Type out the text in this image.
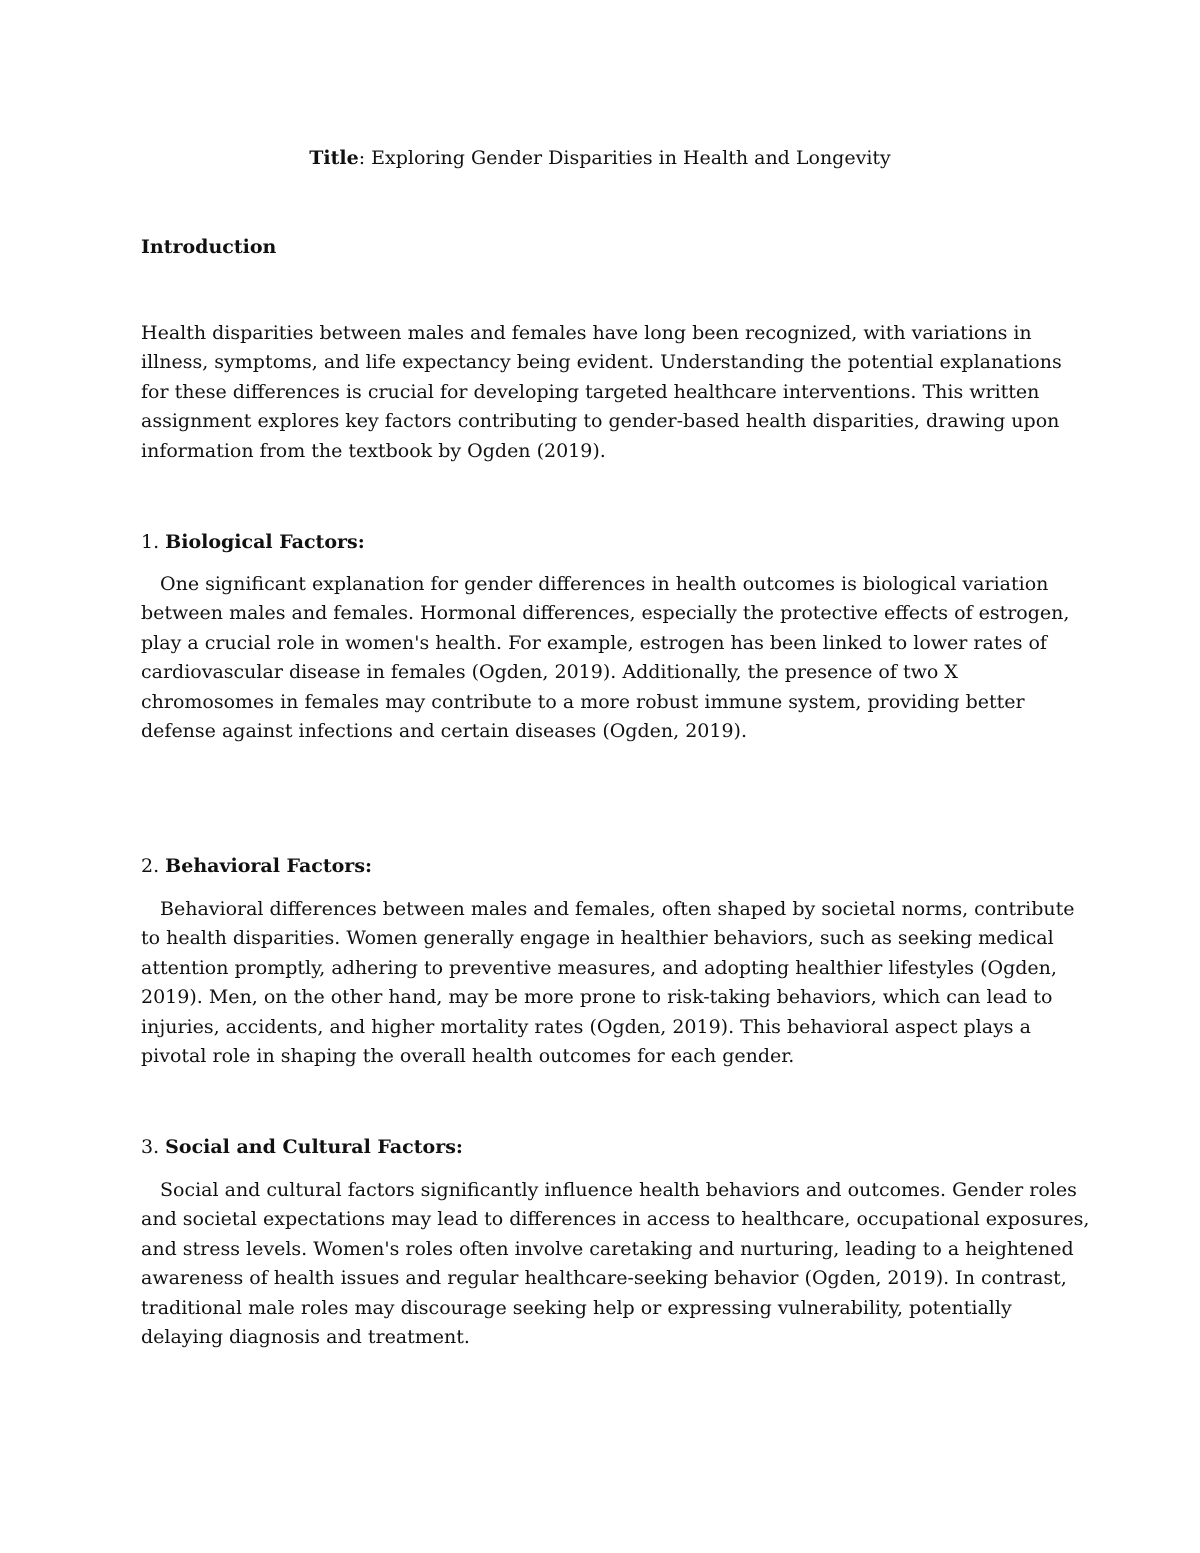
Title: Exploring Gender Disparities in Health and Longevity
Introduction
Health disparities between males and females have long been recognized, with variations in
illness, symptoms, and life expectancy being evident. Understanding the potential explanations
for these differences is crucial for developing targeted healthcare interventions. This written
assignment explores key factors contributing to gender-based health disparities, drawing upon
information from the textbook by Ogden (2019).
1. Biological Factors:
One significant explanation for gender differences in health outcomes is biological variation
between males and females. Hormonal differences, especially the protective effects of estrogen,
play a crucial role in women's health. For example, estrogen has been linked to lower rates of
cardiovascular disease in females (Ogden, 2019). Additionally, the presence of two X
chromosomes in females may contribute to a more robust immune system, providing better
defense against infections and certain diseases (Ogden, 2019).
2. Behavioral Factors:
Behavioral differences between males and females, often shaped by societal norms, contribute
to health disparities. Women generally engage in healthier behaviors, such as seeking medical
attention promptly, adhering to preventive measures, and adopting healthier lifestyles (Ogden,
2019). Men, on the other hand, may be more prone to risk-taking behaviors, which can lead to
injuries, accidents, and higher mortality rates (Ogden, 2019). This behavioral aspect plays a
pivotal role in shaping the overall health outcomes for each gender.
3. Social and Cultural Factors:
Social and cultural factors significantly influence health behaviors and outcomes. Gender roles
and societal expectations may lead to differences in access to healthcare, occupational exposures,
and stress levels. Women's roles often involve caretaking and nurturing, leading to a heightened
awareness of health issues and regular healthcare-seeking behavior (Ogden, 2019). In contrast,
traditional male roles may discourage seeking help or expressing vulnerability, potentially
delaying diagnosis and treatment.
